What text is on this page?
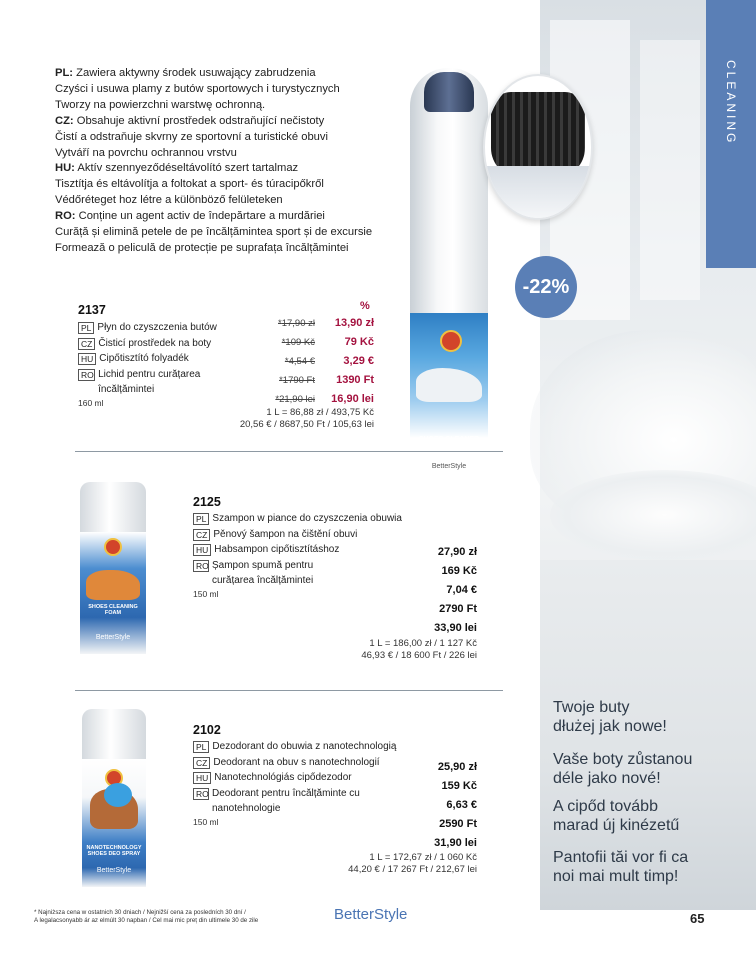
CLEANING
Twoje buty
dłużej jak nowe!
Vaše boty zůstanou
déle jako nové!
A cipőd tovább
marad új kinézetű
Pantofii tăi vor fi ca
noi mai mult timp!
PL: Zawiera aktywny środek usuwający zabrudzenia
Czyści i usuwa plamy z butów sportowych i turystycznych
Tworzy na powierzchni warstwę ochronną.
CZ: Obsahuje aktivní prostředek odstraňující nečistoty
Čistí a odstraňuje skvrny ze sportovní a turistické obuvi
Vytváří na povrchu ochrannou vrstvu
HU: Aktív szennyeződéseltávolító szert tartalmaz
Tisztítja és eltávolítja a foltokat a sport- és túracipőkről
Védőréteget hoz létre a különböző felületeken
RO: Conține un agent activ de îndepărtare a murdăriei
Curăță și elimină petele de pe încălțămintea sport și de excursie
Formează o peliculă de protecție pe suprafața încălțămintei
SHOES CLEANER
BetterStyle
-22%
2137
PL Płyn do czyszczenia butów
CZ Čisticí prostředek na boty
HU Cipőtisztító folyadék
RO Lichid pentru curățarea încălțămintei
160 ml
%
*17,90 zł
*109 Kč
*4,54 €
*1790 Ft
*21,90 lei
13,90 zł
79 Kč
3,29 €
1390 Ft
16,90 lei
1 L = 86,88 zł / 493,75 Kč
20,56 € / 8687,50 Ft / 105,63 lei
SHOES CLEANING FOAM
BetterStyle
2125
PL Szampon w piance do czyszczenia obuwia
CZ Pěnový šampon na čištění obuvi
HU Habsampon cipőtisztításhoz
RO Șampon spumă pentru curățarea încălțămintei
150 ml
27,90 zł
169 Kč
7,04 €
2790 Ft
33,90 lei
1 L = 186,00 zł / 1 127 Kč
46,93 € / 18 600 Ft / 226 lei
NANOTECHNOLOGY SHOES DEO SPRAY
BetterStyle
2102
PL Dezodorant do obuwia z nanotechnologią
CZ Deodorant na obuv s nanotechnologií
HU Nanotechnológiás cipődezodor
RO Deodorant pentru încălțăminte cu nanotehnologie
150 ml
25,90 zł
159 Kč
6,63 €
2590 Ft
31,90 lei
1 L = 172,67 zł / 1 060 Kč
44,20 € / 17 267 Ft / 212,67 lei
* Najniższa cena w ostatnich 30 dniach / Nejnižší cena za posledních 30 dní /
A legalacsonyabb ár az elmúlt 30 napban / Cel mai mic preț din ultimele 30 de zile	BetterStyle	65
